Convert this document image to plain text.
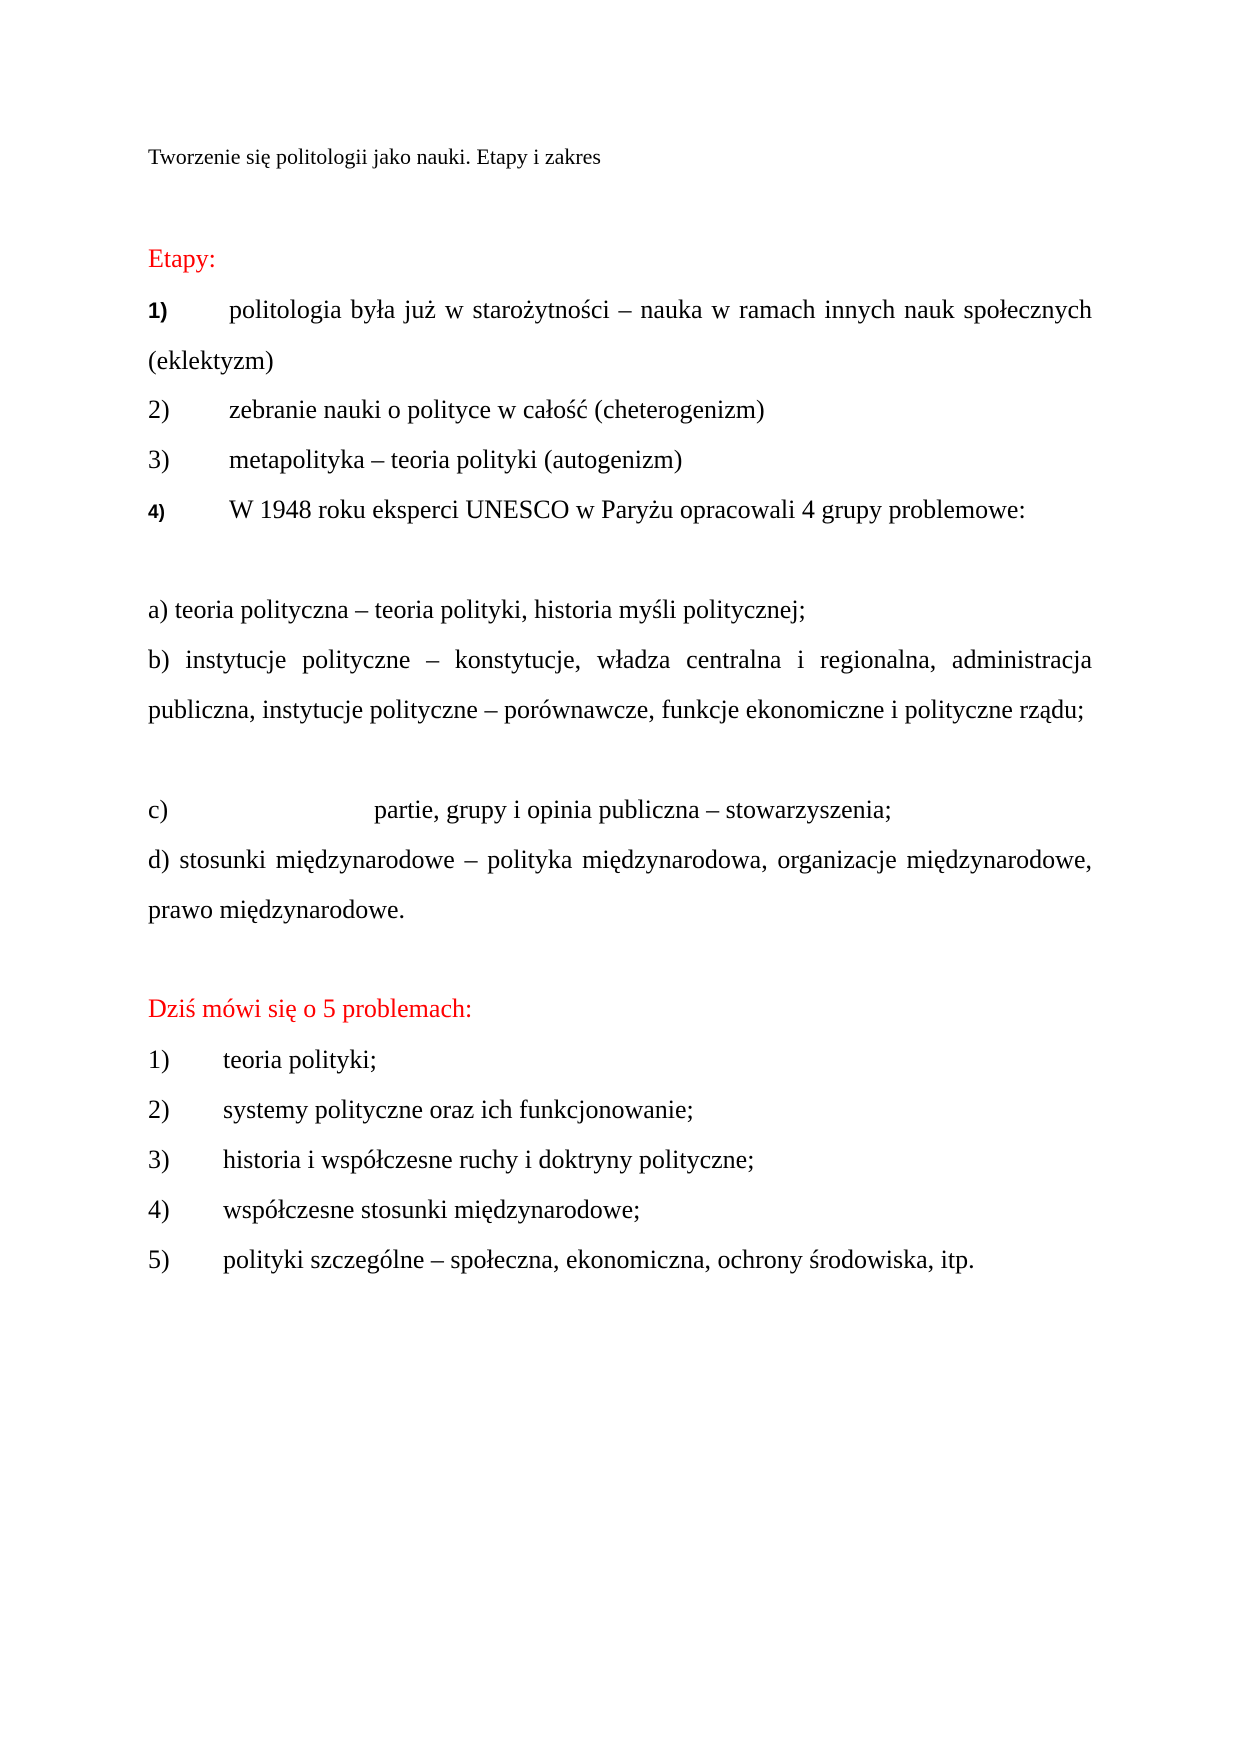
Tworzenie się politologii jako nauki. Etapy i zakres
Etapy:
1) politologia była już w starożytności – nauka w ramach innych nauk społecznych (eklektyzm)
2) zebranie nauki o polityce w całość (cheterogenizm)
3) metapolityka – teoria polityki (autogenizm)
4) W 1948 roku eksperci UNESCO w Paryżu opracowali 4 grupy problemowe:
a) teoria polityczna – teoria polityki, historia myśli politycznej;
b) instytucje polityczne – konstytucje, władza centralna i regionalna, administracja publiczna, instytucje polityczne – porównawcze, funkcje ekonomiczne i polityczne rządu;
c)	partie, grupy i opinia publiczna – stowarzyszenia;
d) stosunki międzynarodowe – polityka międzynarodowa, organizacje międzynarodowe, prawo międzynarodowe.
Dziś mówi się o 5 problemach:
1) teoria polityki;
2) systemy polityczne oraz ich funkcjonowanie;
3) historia i współczesne ruchy i doktryny polityczne;
4) współczesne stosunki międzynarodowe;
5) polityki szczególne – społeczna, ekonomiczna, ochrony środowiska, itp.
